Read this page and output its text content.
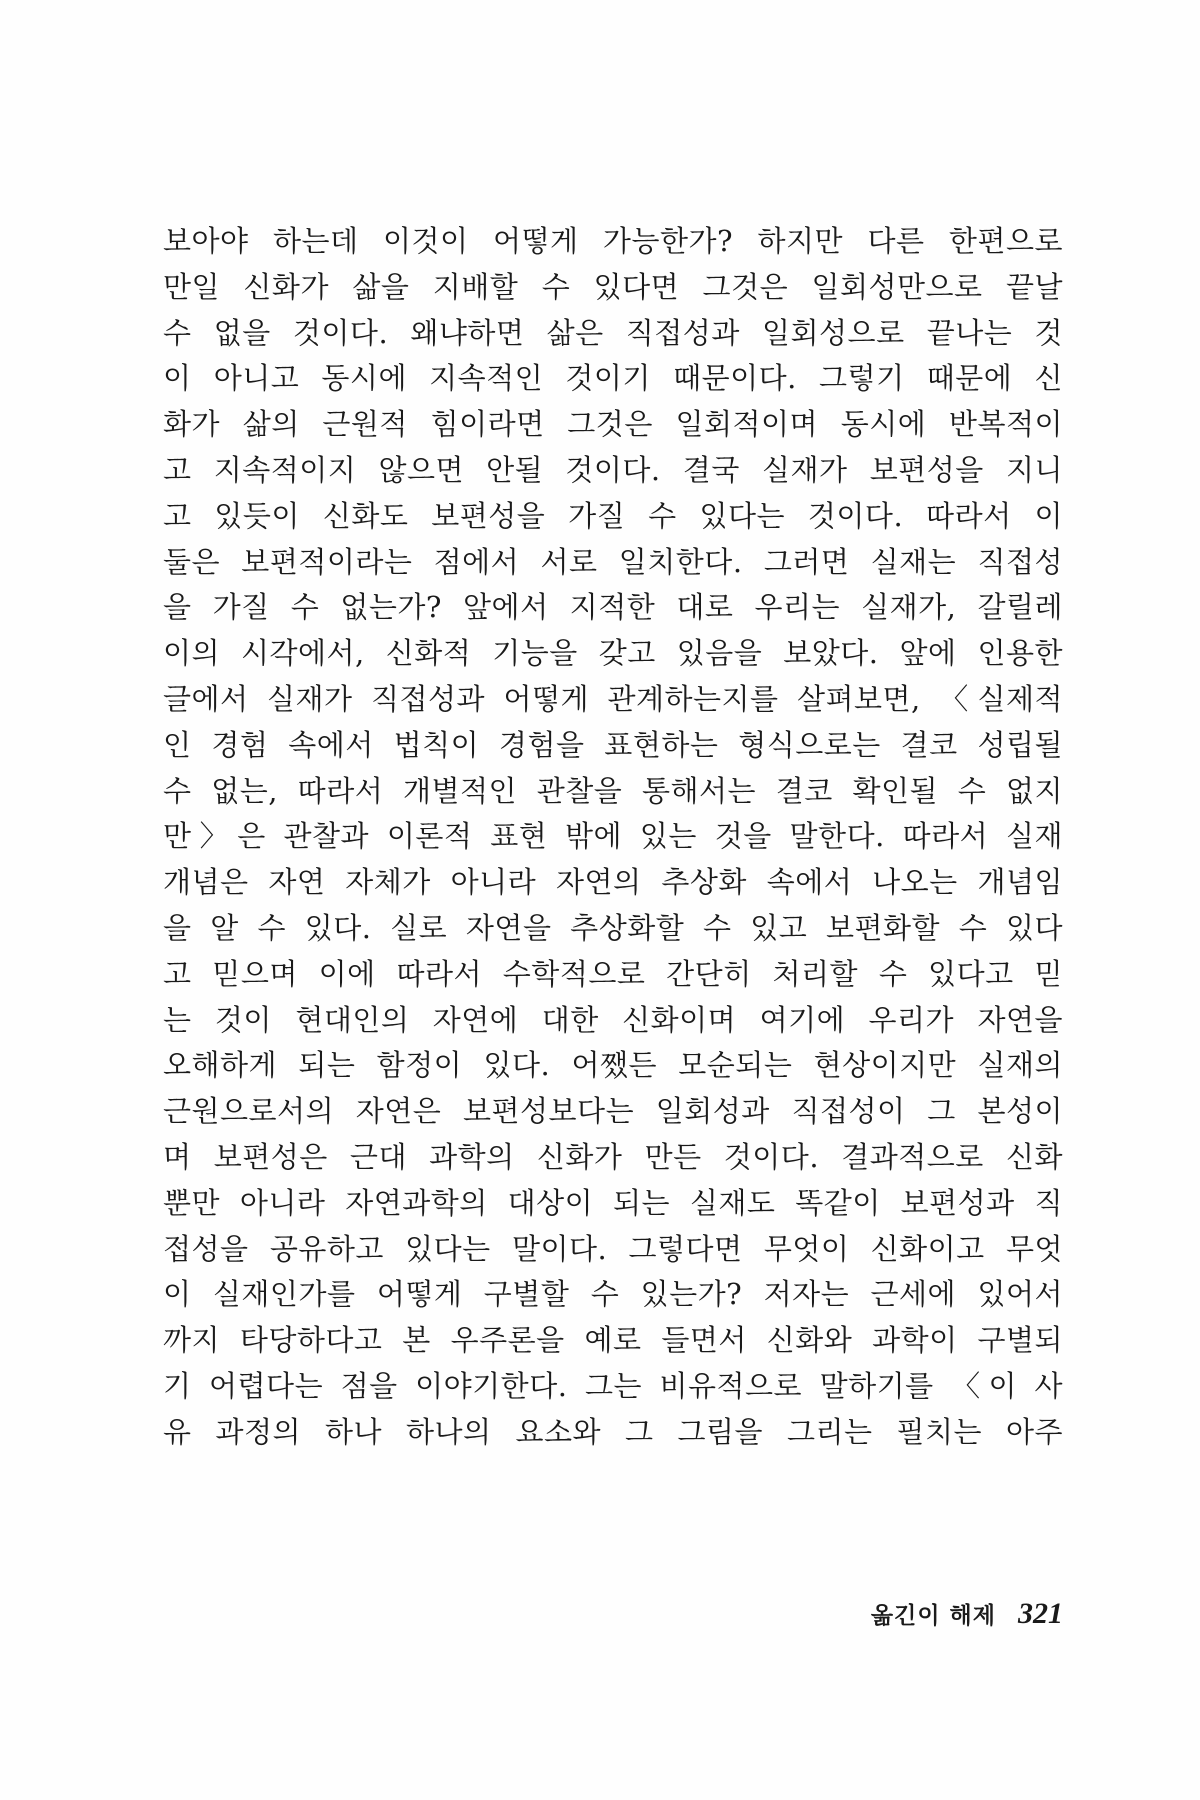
보아야 하는데 이것이 어떻게 가능한가? 하지만 다른 한편으로
만일 신화가 삶을 지배할 수 있다면 그것은 일회성만으로 끝날
수 없을 것이다. 왜냐하면 삶은 직접성과 일회성으로 끝나는 것
이 아니고 동시에 지속적인 것이기 때문이다. 그렇기 때문에 신
화가 삶의 근원적 힘이라면 그것은 일회적이며 동시에 반복적이
고 지속적이지 않으면 안될 것이다. 결국 실재가 보편성을 지니
고 있듯이 신화도 보편성을 가질 수 있다는 것이다. 따라서 이
둘은 보편적이라는 점에서 서로 일치한다. 그러면 실재는 직접성
을 가질 수 없는가? 앞에서 지적한 대로 우리는 실재가, 갈릴레
이의 시각에서, 신화적 기능을 갖고 있음을 보았다. 앞에 인용한
글에서 실재가 직접성과 어떻게 관계하는지를 살펴보면, 〈실제적
인 경험 속에서 법칙이 경험을 표현하는 형식으로는 결코 성립될
수 없는, 따라서 개별적인 관찰을 통해서는 결코 확인될 수 없지
만〉은 관찰과 이론적 표현 밖에 있는 것을 말한다. 따라서 실재
개념은 자연 자체가 아니라 자연의 추상화 속에서 나오는 개념임
을 알 수 있다. 실로 자연을 추상화할 수 있고 보편화할 수 있다
고 믿으며 이에 따라서 수학적으로 간단히 처리할 수 있다고 믿
는 것이 현대인의 자연에 대한 신화이며 여기에 우리가 자연을
오해하게 되는 함정이 있다. 어쨌든 모순되는 현상이지만 실재의
근원으로서의 자연은 보편성보다는 일회성과 직접성이 그 본성이
며 보편성은 근대 과학의 신화가 만든 것이다. 결과적으로 신화
뿐만 아니라 자연과학의 대상이 되는 실재도 똑같이 보편성과 직
접성을 공유하고 있다는 말이다. 그렇다면 무엇이 신화이고 무엇
이 실재인가를 어떻게 구별할 수 있는가? 저자는 근세에 있어서
까지 타당하다고 본 우주론을 예로 들면서 신화와 과학이 구별되
기 어렵다는 점을 이야기한다. 그는 비유적으로 말하기를 〈이 사
유 과정의 하나 하나의 요소와 그 그림을 그리는 필치는 아주
옮긴이 해제 321
